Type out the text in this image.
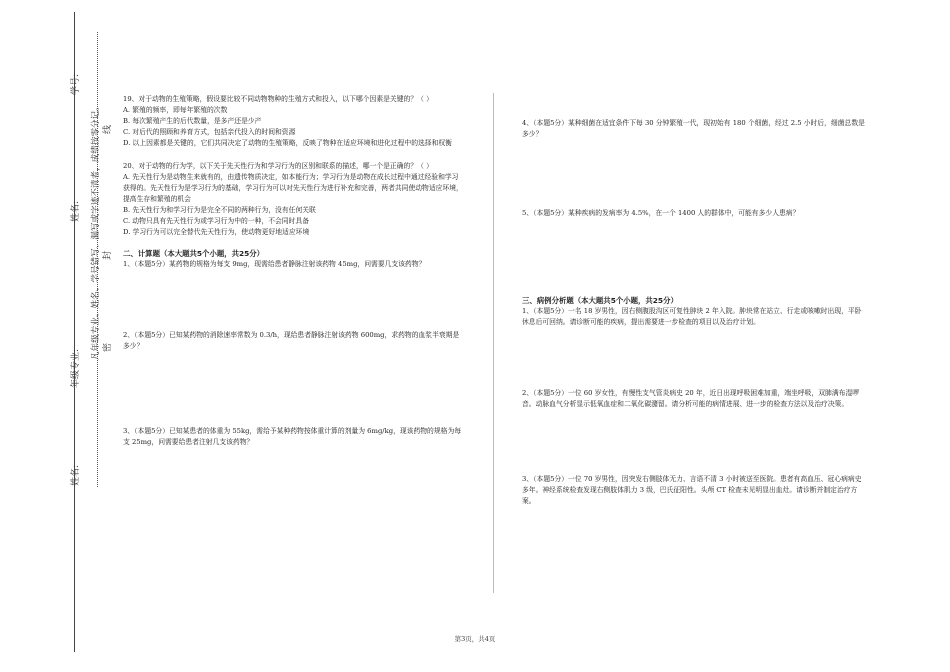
学号:
姓名:
年级专业:
姓名:
凡年级专业、姓名、学号错写、漏写或字迹不清者，成绩按零分记。 线
封
密

19、对于动物的生殖策略，假设要比较不同动物物种的生殖方式和投入，以下哪个因素是关键的？（ ）

A. 繁殖的频率，即每年繁殖的次数

B. 每次繁殖产生的后代数量，是多产还是少产

C. 对后代的照顾和养育方式，包括亲代投入的时间和资源

D. 以上因素都是关键的，它们共同决定了动物的生殖策略，反映了物种在适应环境和进化过程中的选择和权衡

20、对于动物的行为学，以下关于先天性行为和学习行为的区别和联系的描述，哪一个是正确的？（ ）

A. 先天性行为是动物生来就有的，由遗传物质决定，如本能行为；学习行为是动物在成长过程中通过经验和学习获得的。先天性行为是学习行为的基础，学习行为可以对先天性行为进行补充和完善，两者共同使动物适应环境，提高生存和繁殖的机会

B. 先天性行为和学习行为是完全不同的两种行为，没有任何关联

C. 动物只具有先天性行为或学习行为中的一种，不会同时具备

D. 学习行为可以完全替代先天性行为，使动物更好地适应环境

二、计算题（本大题共5个小题，共25分）

1、（本题5分）某药物的规格为每支 9mg，现需给患者静脉注射该药物 45mg，问需要几支该药物？

2、（本题5分）已知某药物的消除速率常数为 0.3/h，现给患者静脉注射该药物 600mg，求药物的血浆半衰期是多少？

3、（本题5分）已知某患者的体重为 55kg，需给予某种药物按体重计算的剂量为 6mg/kg，现该药物的规格为每支 25mg，问需要给患者注射几支该药物？

4、（本题5分）某种细菌在适宜条件下每 30 分钟繁殖一代，现初始有 180 个细菌，经过 2.5 小时后，细菌总数是多少？

5、（本题5分）某种疾病的发病率为 4.5%，在一个 1400 人的群体中，可能有多少人患病？

三、病例分析题（本大题共5个小题，共25分）

1、（本题5分）一名 18 岁男性，因右侧腹股沟区可复性肿块 2 年入院。肿块常在站立、行走或咳嗽时出现，平卧休息后可回纳。请诊断可能的疾病，提出需要进一步检查的项目以及治疗计划。

2、（本题5分）一位 60 岁女性，有慢性支气管炎病史 20 年，近日出现呼吸困难加重，端坐呼吸，双肺满布湿啰音。动脉血气分析显示低氧血症和二氧化碳潴留。请分析可能的病情进展、进一步的检查方法以及治疗决策。

3、（本题5分）一位 70 岁男性，因突发右侧肢体无力、言语不清 3 小时被送至医院。患者有高血压、冠心病病史多年。神经系统检查发现右侧肢体肌力 3 级，巴氏征阳性。头颅 CT 检查未见明显出血灶。请诊断并制定治疗方案。

第3页，共4页
